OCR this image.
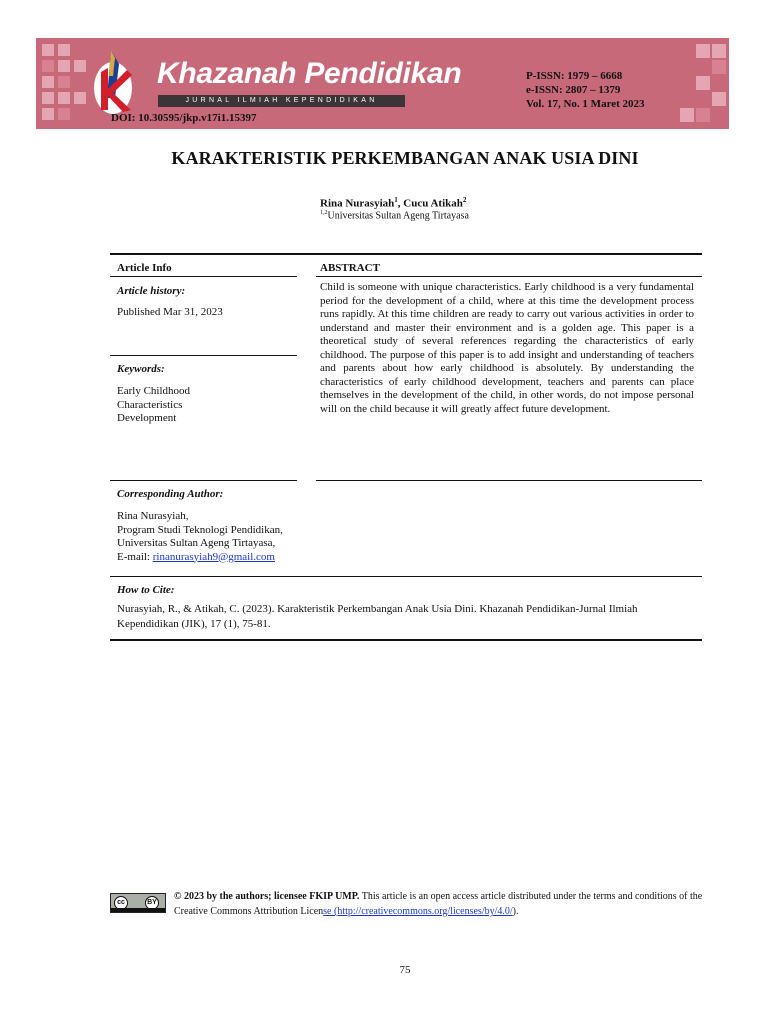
Khazanah Pendidikan
JURNAL ILMIAH KEPENDIDIKAN
P-ISSN: 1979 – 6668
e-ISSN: 2807 – 1379
Vol. 17, No. 1 Maret 2023
DOI: 10.30595/jkp.v17i1.15397
KARAKTERISTIK PERKEMBANGAN ANAK USIA DINI
Rina Nurasyiah$^1$, Cucu Atikah$^2$
$^{1,2}$Universitas Sultan Ageng Tirtayasa
Article Info	ABSTRACT
Article history:
Published Mar 31, 2023
Keywords:
Early Childhood
Characteristics
Development

Child is someone with unique characteristics. Early childhood is a very fundamental period for the development of a child, where at this time the development process runs rapidly. At this time children are ready to carry out various activities in order to understand and master their environment and is a golden age. This paper is a theoretical study of several references regarding the characteristics of early childhood. The purpose of this paper is to add insight and understanding of teachers and parents about how early childhood is absolutely. By understanding the characteristics of early childhood development, teachers and parents can place themselves in the development of the child, in other words, do not impose personal will on the child because it will greatly affect future development.

Corresponding Author:
Rina Nurasyiah,
Program Studi Teknologi Pendidikan,
Universitas Sultan Ageng Tirtayasa,
E-mail: rinanurasyiah9@gmail.com
How to Cite:

Nurasyiah, R., & Atikah, C. (2023). Karakteristik Perkembangan Anak Usia Dini. Khazanah Pendidikan-Jurnal Ilmiah Kependidikan (JIK), 17 (1), 75-81.

cc	BY

© 2023 by the authors; licensee FKIP UMP. This article is an open access article distributed under the terms and conditions of the Creative Commons Attribution License (http://creativecommons.org/licenses/by/4.0/).

75
